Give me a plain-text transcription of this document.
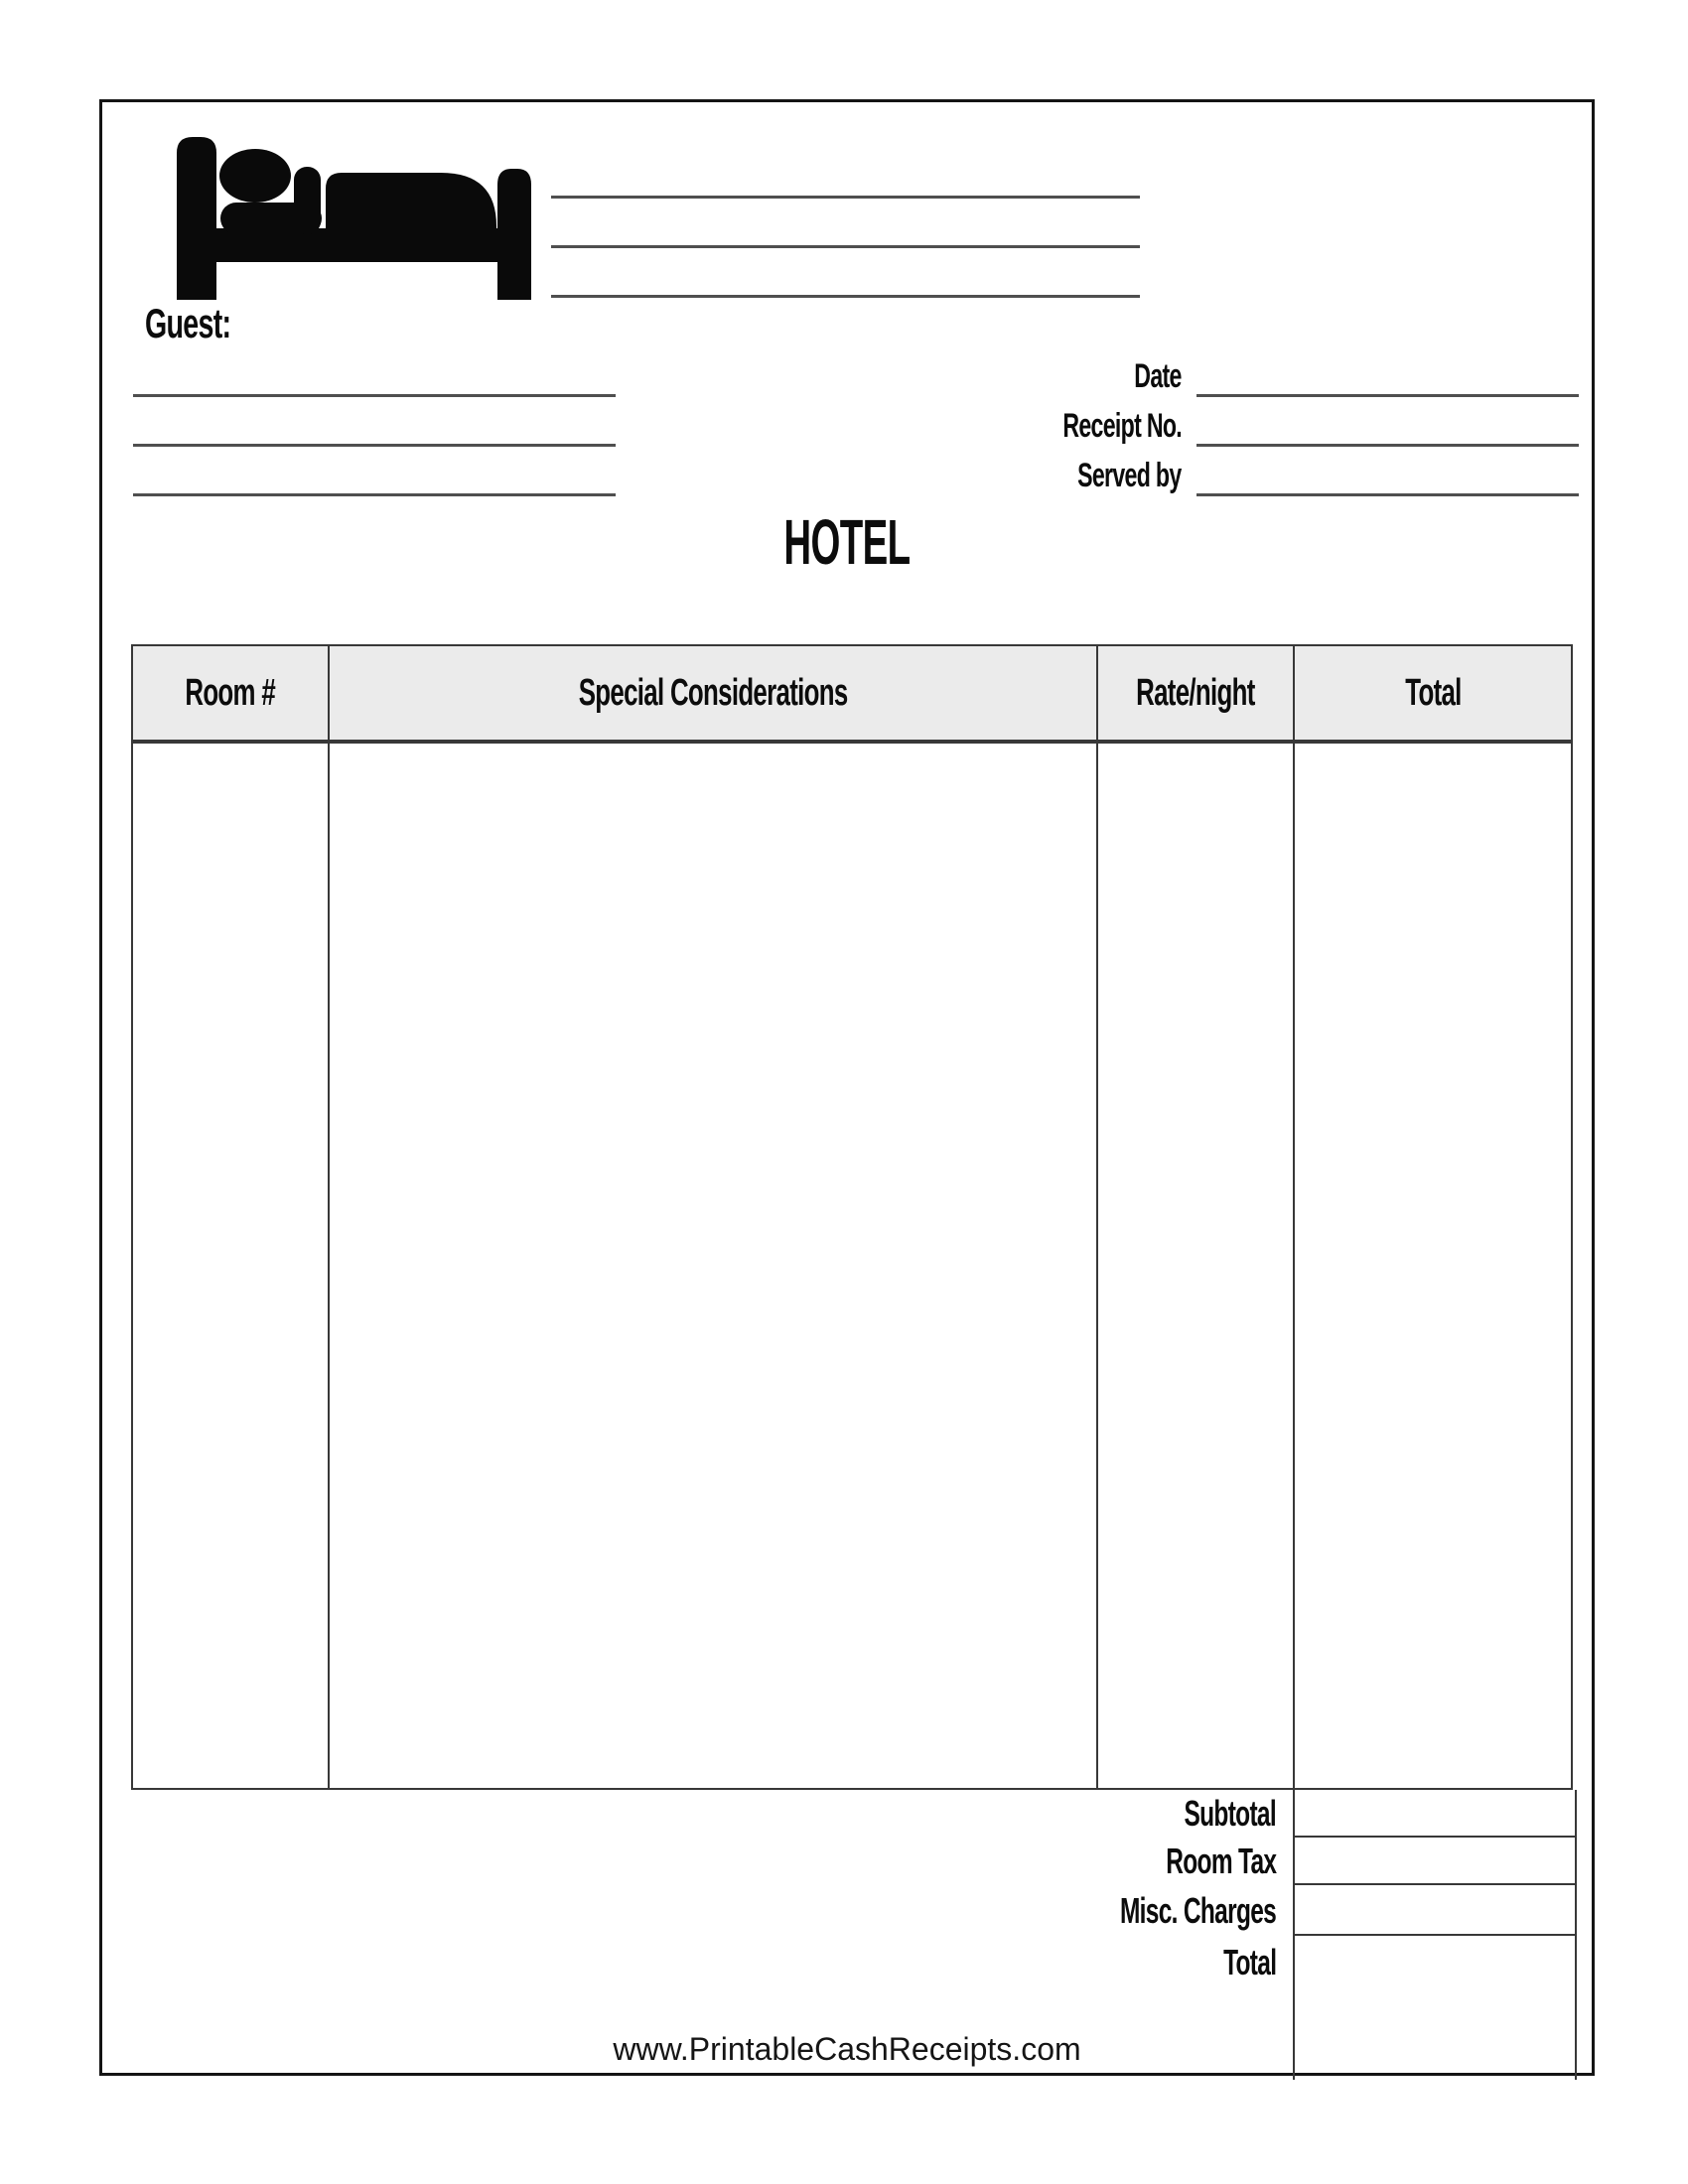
Guest:
Date
Receipt No.
Served by
HOTEL
Room #	Special Considerations	Rate/night	Total
Subtotal
Room Tax
Misc. Charges
Total
www.PrintableCashReceipts.com
